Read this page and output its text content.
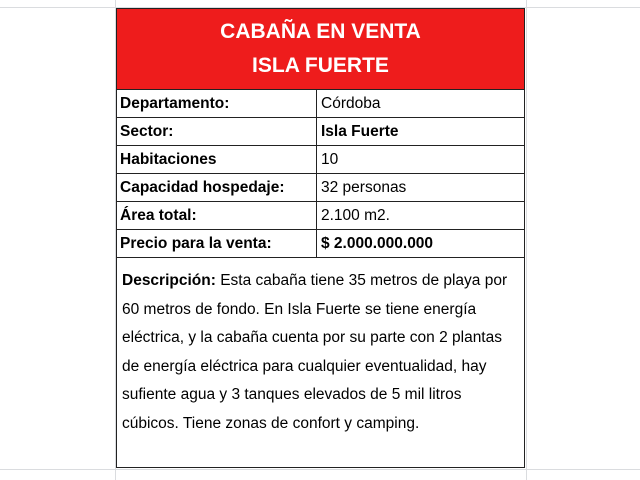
CABAÑA EN VENTA
ISLA FUERTE
Departamento:	Córdoba
Sector:	Isla Fuerte
Habitaciones	10
Capacidad hospedaje:	32 personas
Área total:	2.100 m2.
Precio para la venta:	$ 2.000.000.000
Descripción: Esta cabaña tiene 35 metros de playa por 60 metros de fondo. En Isla Fuerte se tiene energía eléctrica, y la cabaña cuenta por su parte con 2 plantas de energía eléctrica para cualquier eventualidad, hay sufiente agua y 3 tanques elevados de 5 mil litros cúbicos. Tiene zonas de confort y camping.
